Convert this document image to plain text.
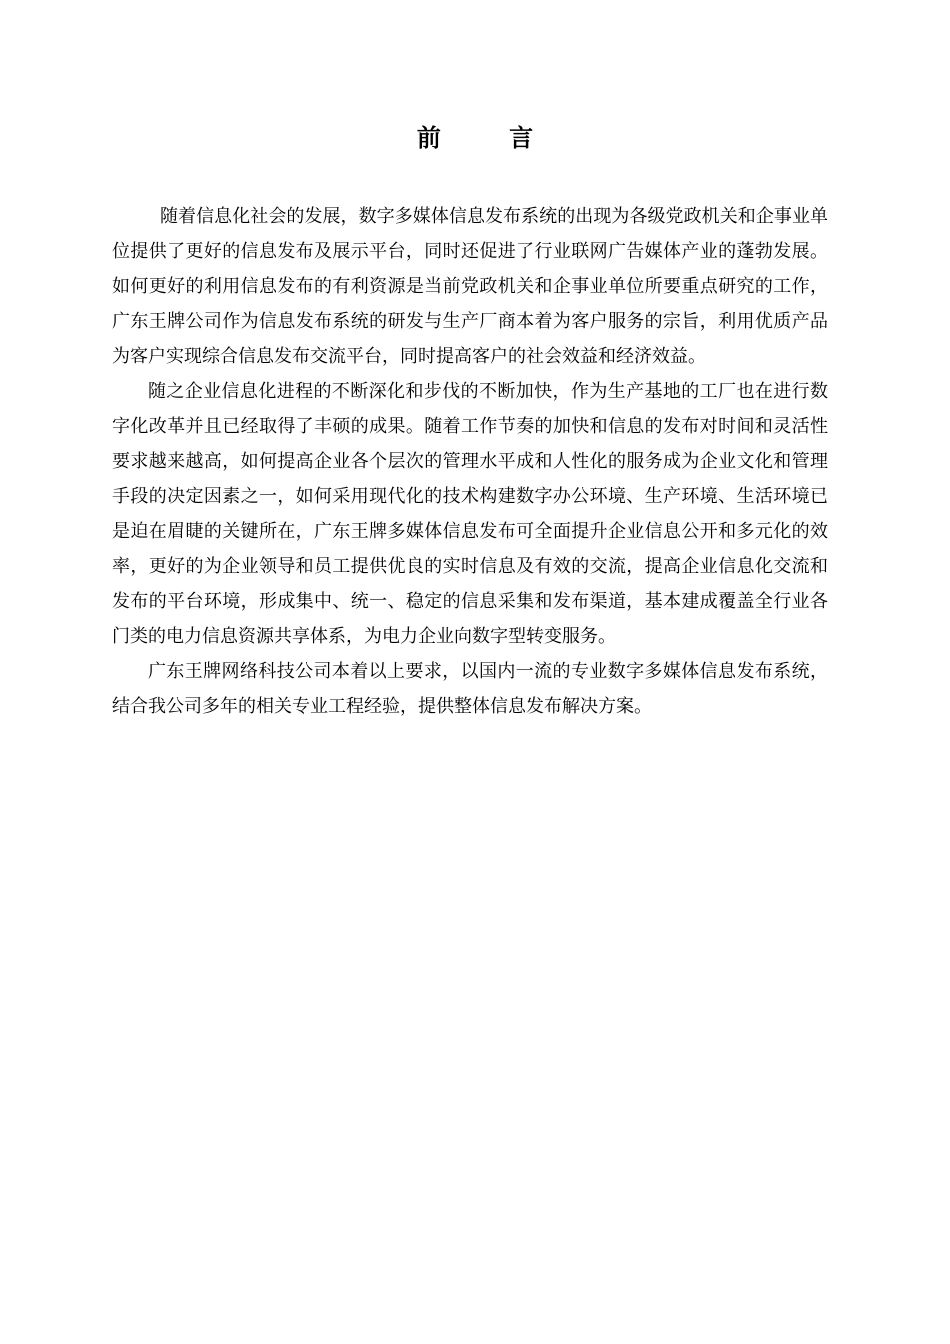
前 言

随着信息化社会的发展，数字多媒体信息发布系统的出现为各级党政机关和企事业单位提供了更好的信息发布及展示平台，同时还促进了行业联网广告媒体产业的蓬勃发展。如何更好的利用信息发布的有利资源是当前党政机关和企事业单位所要重点研究的工作，广东王牌公司作为信息发布系统的研发与生产厂商本着为客户服务的宗旨，利用优质产品为客户实现综合信息发布交流平台，同时提高客户的社会效益和经济效益。

随之企业信息化进程的不断深化和步伐的不断加快，作为生产基地的工厂也在进行数字化改革并且已经取得了丰硕的成果。随着工作节奏的加快和信息的发布对时间和灵活性要求越来越高，如何提高企业各个层次的管理水平成和人性化的服务成为企业文化和管理手段的决定因素之一，如何采用现代化的技术构建数字办公环境、生产环境、生活环境已是迫在眉睫的关键所在，广东王牌多媒体信息发布可全面提升企业信息公开和多元化的效率，更好的为企业领导和员工提供优良的实时信息及有效的交流，提高企业信息化交流和发布的平台环境，形成集中、统一、稳定的信息采集和发布渠道，基本建成覆盖全行业各门类的电力信息资源共享体系，为电力企业向数字型转变服务。

广东王牌网络科技公司本着以上要求，以国内一流的专业数字多媒体信息发布系统，结合我公司多年的相关专业工程经验，提供整体信息发布解决方案。
